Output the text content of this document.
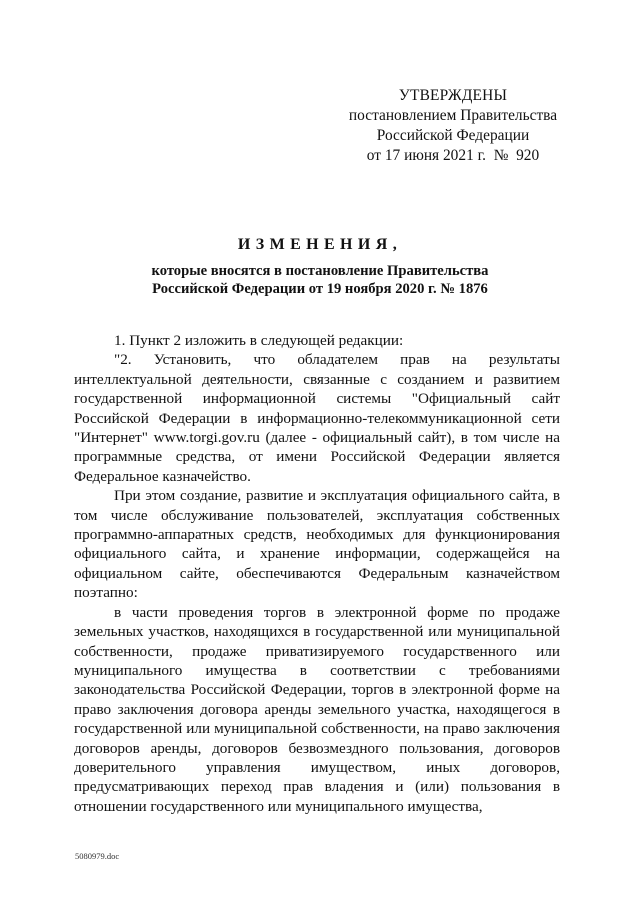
УТВЕРЖДЕНЫ
постановлением Правительства
Российской Федерации
от 17 июня 2021 г.  №  920
ИЗМЕНЕНИЯ,
которые вносятся в постановление Правительства
Российской Федерации от 19 ноября 2020 г. № 1876

1. Пункт 2 изложить в следующей редакции:

"2. Установить, что обладателем прав на результаты интеллектуальной деятельности, связанные с созданием и развитием государственной информационной системы "Официальный сайт Российской Федерации в информационно-телекоммуникационной сети "Интернет" www.torgi.gov.ru (далее - официальный сайт), в том числе на программные средства, от имени Российской Федерации является Федеральное казначейство.

При этом создание, развитие и эксплуатация официального сайта, в том числе обслуживание пользователей, эксплуатация собственных программно-аппаратных средств, необходимых для функционирования официального сайта, и хранение информации, содержащейся на официальном сайте, обеспечиваются Федеральным казначейством поэтапно:

в части проведения торгов в электронной форме по продаже земельных участков, находящихся в государственной или муниципальной собственности, продаже приватизируемого государственного или муниципального имущества в соответствии с требованиями законодательства Российской Федерации, торгов в электронной форме на право заключения договора аренды земельного участка, находящегося в государственной или муниципальной собственности, на право заключения договоров аренды, договоров безвозмездного пользования, договоров доверительного управления имуществом, иных договоров, предусматривающих переход прав владения и (или) пользования в отношении государственного или муниципального имущества,

5080979.doc
